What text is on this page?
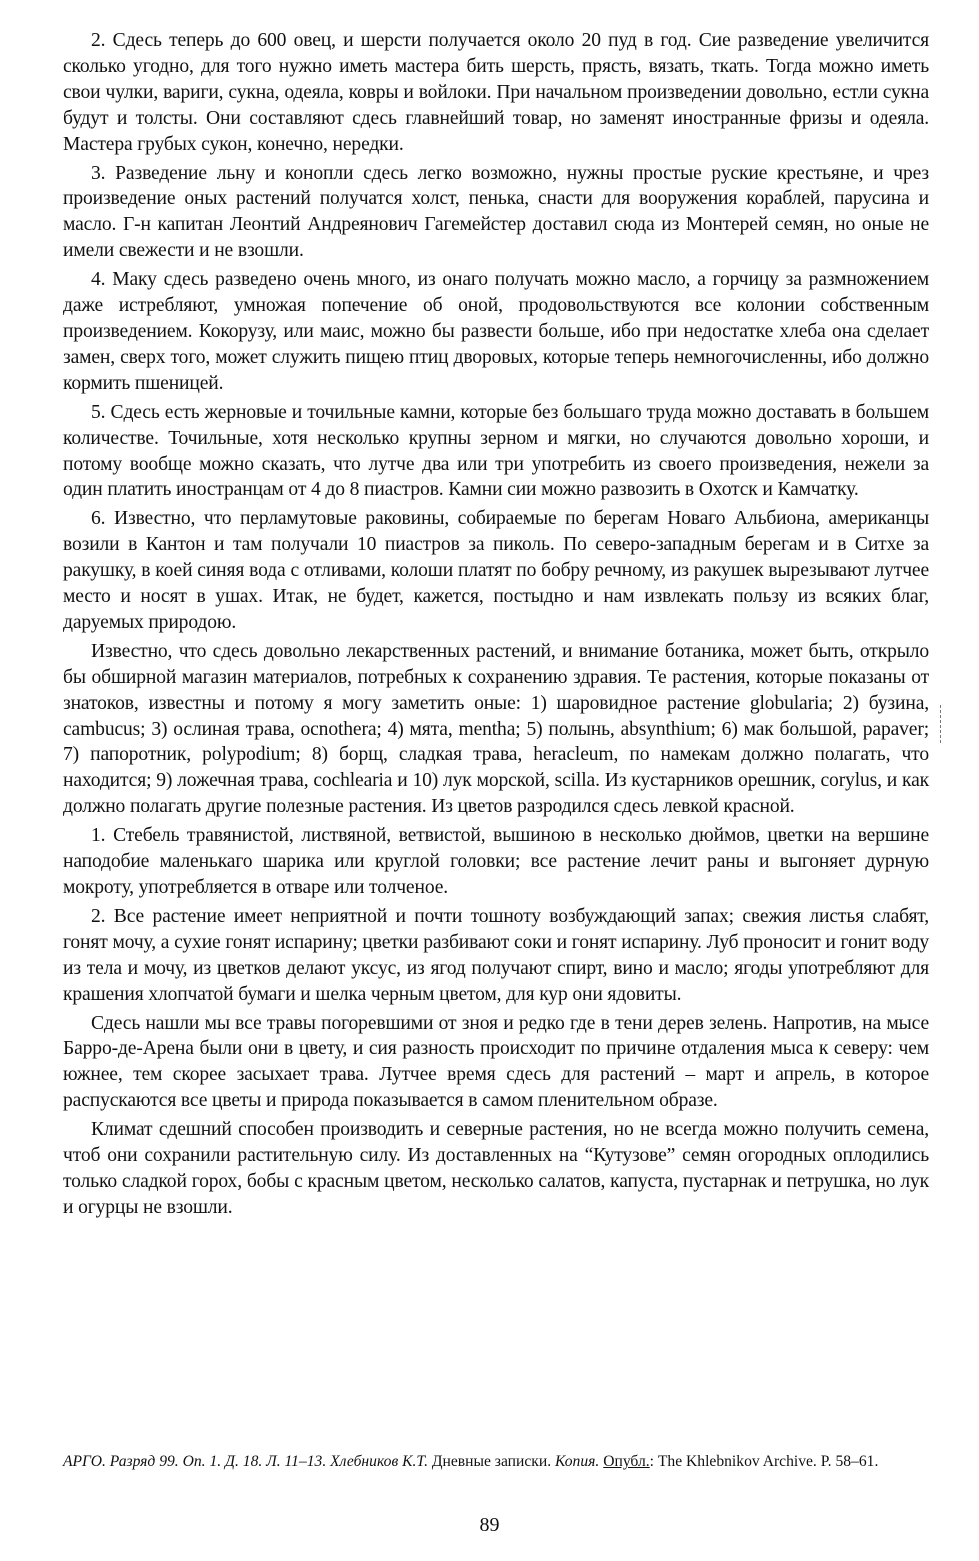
2. Сдесь теперь до 600 овец, и шерсти получается около 20 пуд в год. Сие разведение увеличится сколько угодно, для того нужно иметь мастера бить шерсть, прясть, вязать, ткать. Тогда можно иметь свои чулки, вариги, сукна, одеяла, ковры и войлоки. При начальном произведении довольно, естли сукна будут и толсты. Они составляют сдесь главнейший товар, но заменят иностранные фризы и одеяла. Мастера грубых сукон, конечно, нередки.

3. Разведение льну и конопли сдесь легко возможно, нужны простые руские крестьяне, и чрез произведение оных растений получатся холст, пенька, снасти для вооружения кораблей, парусина и масло. Г-н капитан Леонтий Андреянович Гагемейстер доставил сюда из Монтерей семян, но оные не имели свежести и не взошли.

4. Маку сдесь разведено очень много, из онаго получать можно масло, а горчицу за размножением даже истребляют, умножая попечение об оной, продовольствуются все колонии собственным произведением. Кокорузу, или маис, можно бы развести больше, ибо при недостатке хлеба она сделает замен, сверх того, может служить пищею птиц дворовых, которые теперь немногочисленны, ибо должно кормить пшеницей.

5. Сдесь есть жерновые и точильные камни, которые без большаго труда можно доставать в большем количестве. Точильные, хотя несколько крупны зерном и мягки, но случаются довольно хороши, и потому вообще можно сказать, что лутче два или три употребить из своего произведения, нежели за один платить иностранцам от 4 до 8 пиастров. Камни сии можно развозить в Охотск и Камчатку.

6. Известно, что перламутовые раковины, собираемые по берегам Новаго Альбиона, американцы возили в Кантон и там получали 10 пиастров за пиколь. По северо-западным берегам и в Ситхе за ракушку, в коей синяя вода с отливами, колоши платят по бобру речному, из ракушек вырезывают лутчее место и носят в ушах. Итак, не будет, кажется, постыдно и нам извлекать пользу из всяких благ, даруемых природою.

Известно, что сдесь довольно лекарственных растений, и внимание ботаника, может быть, открыло бы обширной магазин материалов, потребных к сохранению здравия. Те растения, которые показаны от знатоков, известны и потому я могу заметить оные: 1) шаровидное растение globularia; 2) бузина, cambucus; 3) ослиная трава, ocnothera; 4) мята, mentha; 5) полынь, absynthium; 6) мак большой, papaver; 7) папоротник, polypodium; 8) борщ, сладкая трава, heracleum, по намекам должно полагать, что находится; 9) ложечная трава, cochlearia и 10) лук морской, scilla. Из кустарников орешник, corylus, и как должно полагать другие полезные растения. Из цветов разродился сдесь левкой красной.

1. Стебель травянистой, листвяной, ветвистой, вышиною в несколько дюймов, цветки на вершине наподобие маленькаго шарика или круглой головки; все растение лечит раны и выгоняет дурную мокроту, употребляется в отваре или толченое.

2. Все растение имеет неприятной и почти тошноту возбуждающий запах; свежия листья слабят, гонят мочу, а сухие гонят испарину; цветки разбивают соки и гонят испарину. Луб проносит и гонит воду из тела и мочу, из цветков делают уксус, из ягод получают спирт, вино и масло; ягоды употребляют для крашения хлопчатой бумаги и шелка черным цветом, для кур они ядовиты.

Сдесь нашли мы все травы погоревшими от зноя и редко где в тени дерев зелень. Напротив, на мысе Барро-де-Арена были они в цвету, и сия разность происходит по причине отдаления мыса к северу: чем южнее, тем скорее засыхает трава. Лутчее время сдесь для растений – март и апрель, в которое распускаются все цветы и природа показывается в самом пленительном образе.

Климат сдешний способен производить и северные растения, но не всегда можно получить семена, чтоб они сохранили растительную силу. Из доставленных на “Кутузове” семян огородных оплодились только сладкой горох, бобы с красным цветом, несколько салатов, капуста, пустарнак и петрушка, но лук и огурцы не взошли.

АРГО. Разряд 99. Оп. 1. Д. 18. Л. 11–13. Хлебников К.Т. Дневные записки. Копия. Опубл.: The Khlebnikov Archive. P. 58–61.

89
